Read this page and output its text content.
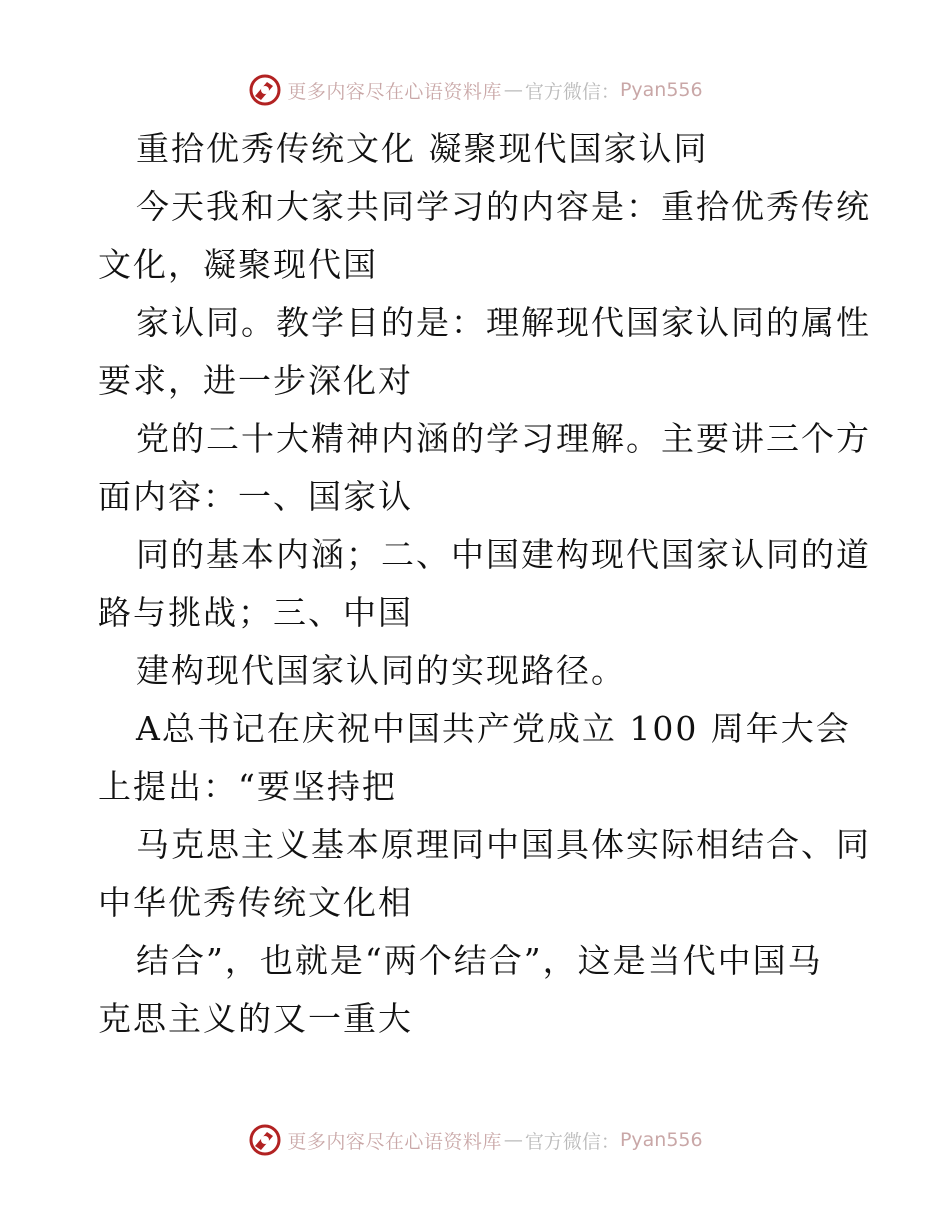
更多内容尽在心语资料库 — 官方微信： Pyan556
重拾优秀传统文化 凝聚现代国家认同
今天我和大家共同学习的内容是：重拾优秀传统
文化，凝聚现代国
家认同。教学目的是：理解现代国家认同的属性
要求，进一步深化对
党的二十大精神内涵的学习理解。主要讲三个方
面内容：一、国家认
同的基本内涵；二、中国建构现代国家认同的道
路与挑战；三、中国
建构现代国家认同的实现路径。
A总书记在庆祝中国共产党成立 100 周年大会
上提出：“要坚持把
马克思主义基本原理同中国具体实际相结合、同
中华优秀传统文化相
结合”，也就是“两个结合”，这是当代中国马
克思主义的又一重大
更多内容尽在心语资料库 — 官方微信： Pyan556
